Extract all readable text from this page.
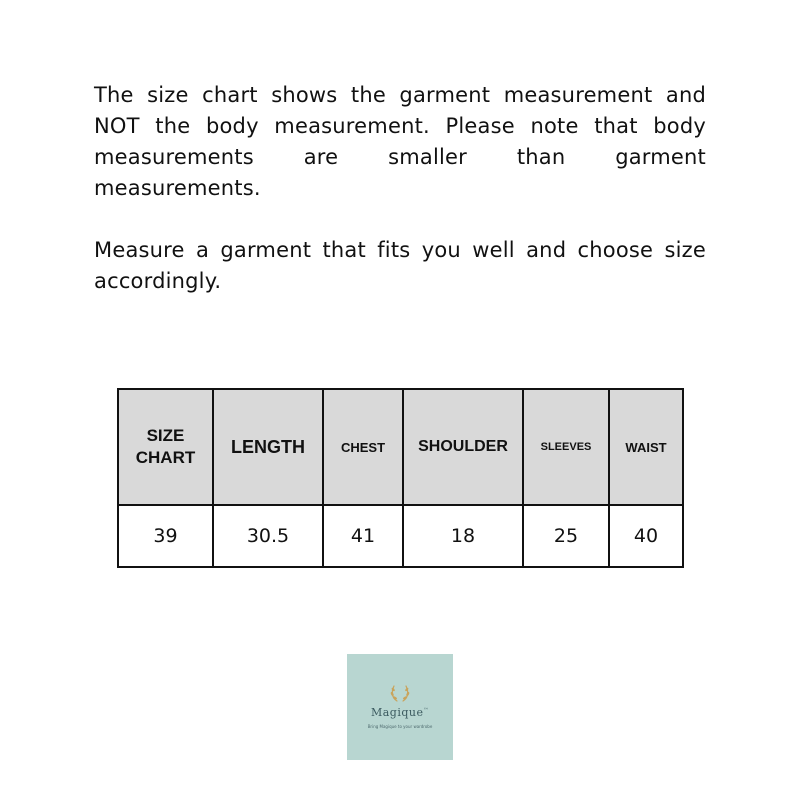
The size chart shows the garment measurement and NOT the body measurement. Please note that body measurements are smaller than garment measurements.

Measure a garment that fits you well and choose size accordingly.

SIZE CHART	LENGTH	CHEST	SHOULDER	SLEEVES	WAIST
39	30.5	41	18	25	40
Magique™
Bring Magique to your wardrobe
